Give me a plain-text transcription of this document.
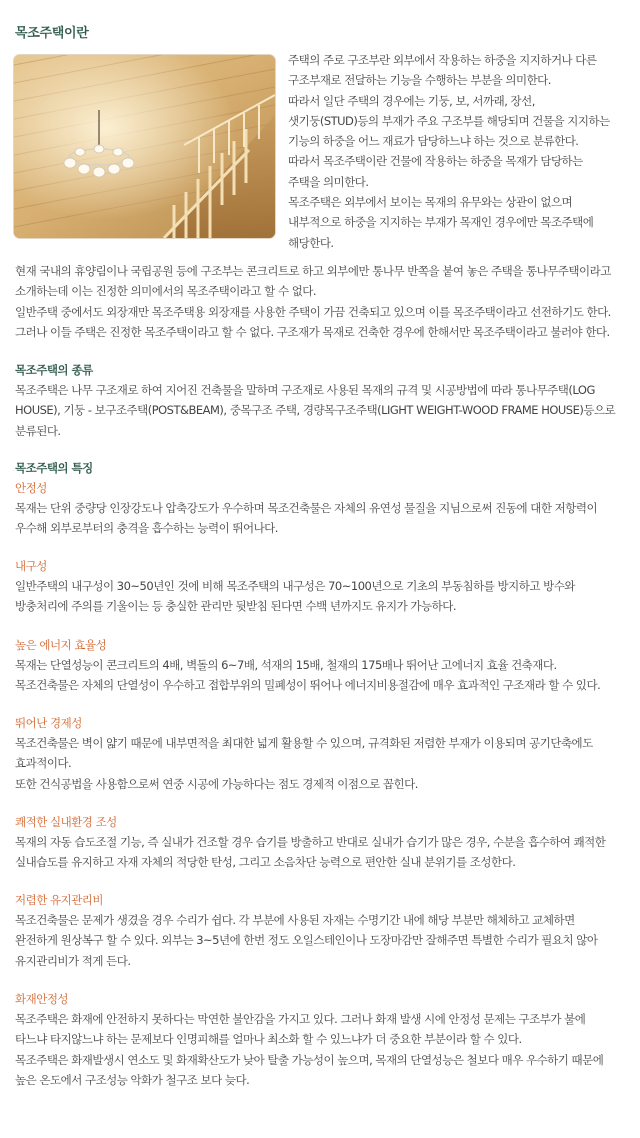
목조주택이란

주택의 주로 구조부란 외부에서 작용하는 하중을 지지하거나 다른

구조부재로 전달하는 기능을 수행하는 부분을 의미한다.

따라서 일단 주택의 경우에는 기둥, 보, 서까래, 장선,

샛기둥(STUD)등의 부재가 주요 구조부를 해당되며 건물을 지지하는

기능의 하중을 어느 재료가 담당하느냐 하는 것으로 분류한다.

따라서 목조주택이란 건물에 작용하는 하중을 목재가 담당하는

주택을 의미한다.

목조주택은 외부에서 보이는 목재의 유무와는 상관이 없으며

내부적으로 하중을 지지하는 부재가 목재인 경우에만 목조주택에

해당한다.

현재 국내의 휴양림이나 국립공원 등에 구조부는 콘크리트로 하고 외부에만 통나무 반쪽을 붙여 놓은 주택을 통나무주택이라고

소개하는데 이는 진정한 의미에서의 목조주택이라고 할 수 없다.

일반주택 중에서도 외장재만 목조주택용 외장재를 사용한 주택이 가끔 건축되고 있으며 이를 목조주택이라고 선전하기도 한다.

그러나 이들 주택은 진정한 목조주택이라고 할 수 없다. 구조재가 목재로 건축한 경우에 한해서만 목조주택이라고 불러야 한다.

목조주택의 종류

목조주택은 나무 구조재로 하여 지어진 건축물을 말하며 구조재로 사용된 목재의 규격 및 시공방법에 따라 통나무주택(LOG

HOUSE), 기둥 - 보구조주택(POST&BEAM), 중목구조 주택, 경량목구조주택(LIGHT WEIGHT-WOOD FRAME HOUSE)등으로

분류된다.

목조주택의 특징
안정성

목재는 단위 중량당 인장강도나 압축강도가 우수하며 목조건축물은 자체의 유연성 물질을 지님으로써 진동에 대한 저항력이

우수해 외부로부터의 충격을 흡수하는 능력이 뛰어나다.

내구성

일반주택의 내구성이 30~50년인 것에 비해 목조주택의 내구성은 70~100년으로 기초의 부동침하를 방지하고 방수와

방충처리에 주의를 기울이는 등 충실한 관리만 뒷받침 된다면 수백 년까지도 유지가 가능하다.

높은 에너지 효율성

목재는 단열성능이 콘크리트의 4배, 벽돌의 6~7배, 석재의 15배, 철재의 175배나 뛰어난 고에너지 효율 건축재다.

목조건축물은 자체의 단열성이 우수하고 접합부위의 밀폐성이 뛰어나 에너지비용절감에 매우 효과적인 구조재라 할 수 있다.

뛰어난 경제성

목조건축물은 벽이 얇기 때문에 내부면적을 최대한 넓게 활용할 수 있으며, 규격화된 저렴한 부재가 이용되며 공기단축에도

효과적이다.

또한 건식공법을 사용함으로써 연중 시공에 가능하다는 점도 경제적 이점으로 꼽힌다.

쾌적한 실내환경 조성

목재의 자동 습도조절 기능, 즉 실내가 건조할 경우 습기를 방출하고 반대로 실내가 습기가 많은 경우, 수분을 흡수하여 쾌적한

실내습도를 유지하고 자재 자체의 적당한 탄성, 그리고 소음차단 능력으로 편안한 실내 분위기를 조성한다.

저렴한 유지관리비

목조건축물은 문제가 생겼을 경우 수리가 쉽다. 각 부분에 사용된 자재는 수명기간 내에 해당 부분만 해체하고 교체하면

완전하게 원상복구 할 수 있다. 외부는 3~5년에 한번 정도 오일스테인이나 도장마감만 잘해주면 특별한 수리가 필요치 않아

유지관리비가 적게 든다.

화재안정성

목조주택은 화재에 안전하지 못하다는 막연한 불안감을 가지고 있다. 그러나 화재 발생 시에 안정성 문제는 구조부가 불에

타느냐 타지않느냐 하는 문제보다 인명피해를 얼마나 최소화 할 수 있느냐가 더 중요한 부분이라 할 수 있다.

목조주택은 화재발생시 연소도 및 화재확산도가 낮아 탈출 가능성이 높으며, 목재의 단열성능은 철보다 매우 우수하기 때문에

높은 온도에서 구조성능 악화가 철구조 보다 늦다.
